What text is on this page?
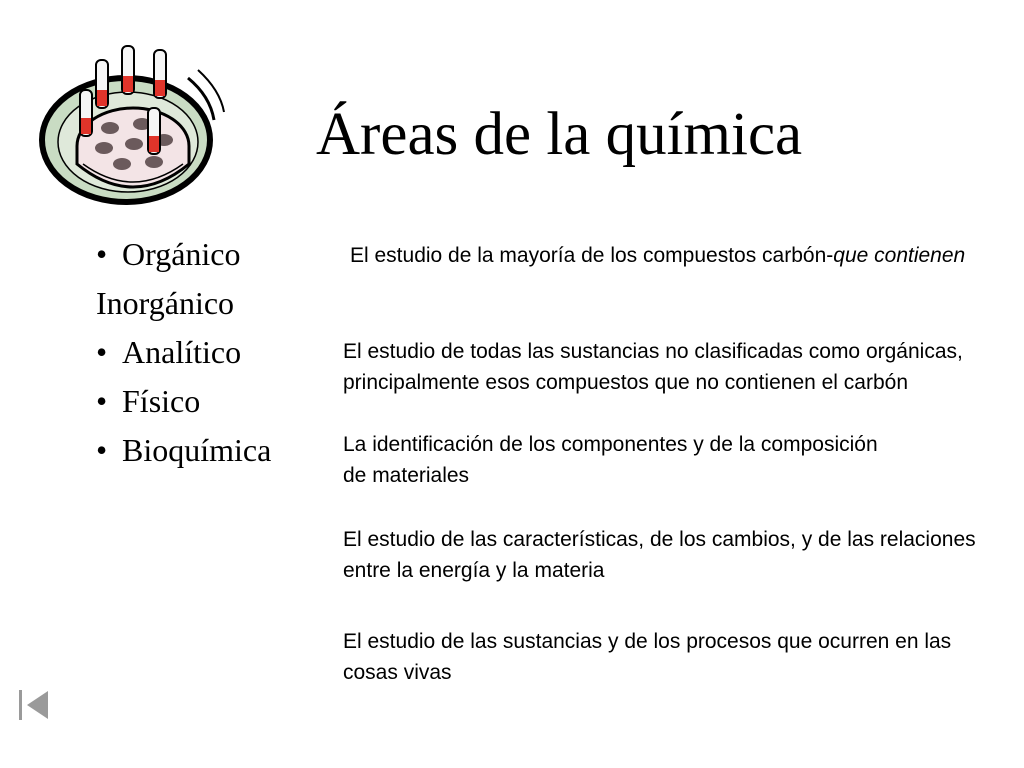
Áreas de la química
• Orgánico
Inorgánico
• Analítico
• Físico
• Bioquímica

El estudio de la mayoría de los compuestos carbón-que contienen

El estudio de todas las sustancias no clasificadas como orgánicas,
principalmente esos compuestos que no contienen el carbón

La identificación de los componentes y de la composición
de materiales

El estudio de las características, de los cambios, y de las relaciones
entre la energía y la materia

El estudio de las sustancias y de los procesos que ocurren en las
cosas vivas
